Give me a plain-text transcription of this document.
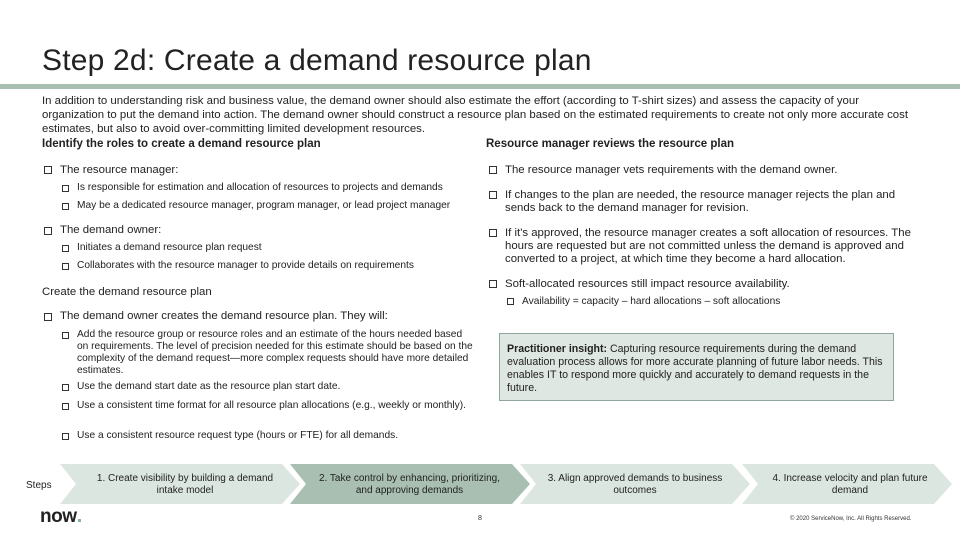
Step 2d: Create a demand resource plan
In addition to understanding risk and business value, the demand owner should also estimate the effort (according to T-shirt sizes) and assess the capacity of your organization to put the demand into action. The demand owner should construct a resource plan based on the estimated requirements to create not only more accurate cost estimates, but also to avoid over-committing limited development resources.
Identify the roles to create a demand resource plan
The resource manager:
Is responsible for estimation and allocation of resources to projects and demands
May be a dedicated resource manager, program manager, or lead project manager
The demand owner:
Initiates a demand resource plan request
Collaborates with the resource manager to provide details on requirements
Create the demand resource plan
The demand owner creates the demand resource plan. They will:
Add the resource group or resource roles and an estimate of the hours needed based on requirements. The level of precision needed for this estimate should be based on the complexity of the demand request—more complex requests should have more detailed estimates.
Use the demand start date as the resource plan start date.
Use a consistent time format for all resource plan allocations (e.g., weekly or monthly).
Use a consistent resource request type (hours or FTE) for all demands.
Resource manager reviews the resource plan
The resource manager vets requirements with the demand owner.
If changes to the plan are needed, the resource manager rejects the plan and sends back to the demand manager for revision.
If it's approved, the resource manager creates a soft allocation of resources. The hours are requested but are not committed unless the demand is approved and converted to a project, at which time they become a hard allocation.
Soft-allocated resources still impact resource availability.
Availability = capacity – hard allocations – soft allocations
Practitioner insight: Capturing resource requirements during the demand evaluation process allows for more accurate planning of future labor needs. This enables IT to respond more quickly and accurately to demand requests in the future.
Steps
1. Create visibility by building a demand intake model
2. Take control by enhancing, prioritizing, and approving demands
3. Align approved demands to business outcomes
4. Increase velocity and plan future demand
now	8	© 2020 ServiceNow, Inc. All Rights Reserved.
